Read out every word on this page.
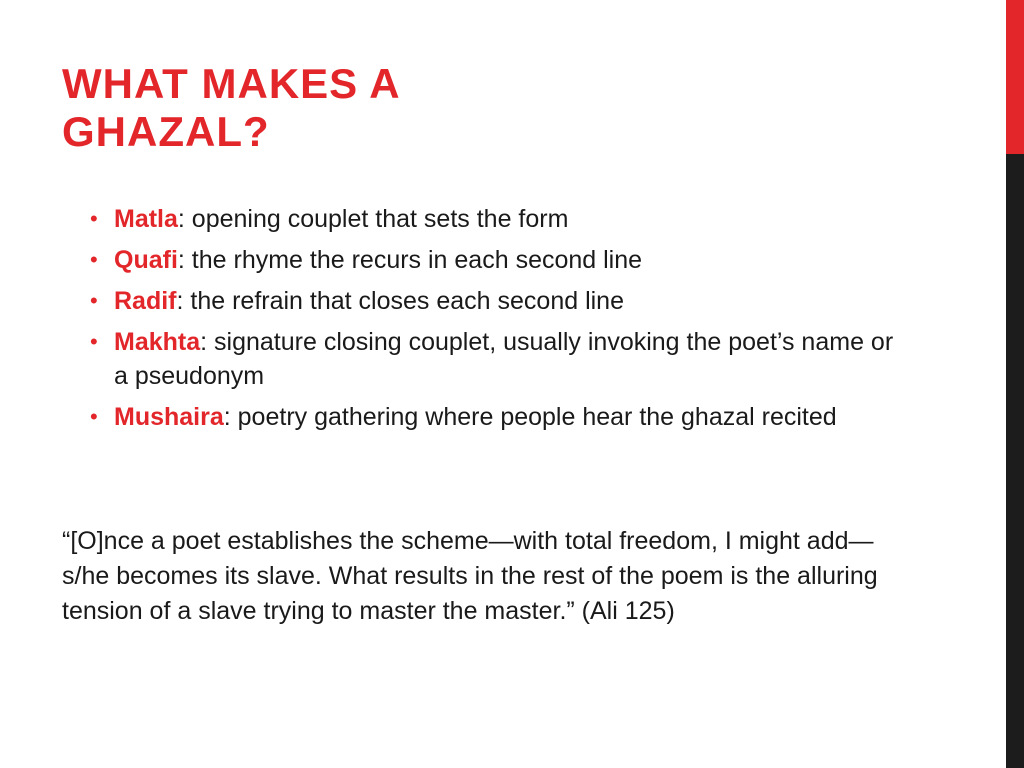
WHAT MAKES A
GHAZAL?
• Matla: opening couplet that sets the form
• Quafi: the rhyme the recurs in each second line
• Radif: the refrain that closes each second line
• Makhta: signature closing couplet, usually invoking the poet’s name or a pseudonym
• Mushaira: poetry gathering where people hear the ghazal recited

“[O]nce a poet establishes the scheme—with total freedom, I might add—s/he becomes its slave. What results in the rest of the poem is the alluring tension of a slave trying to master the master.” (Ali 125)
